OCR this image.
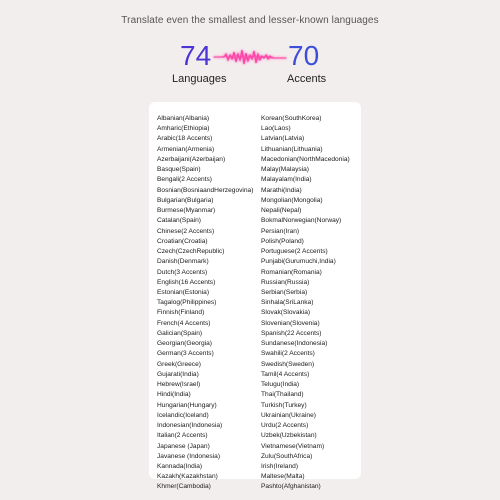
Translate even the smallest and lesser-known languages
74	70
Languages	Accents
Albanian(Albania)
Amharic(Ethiopia)
Arabic(18 Accents)
Armenian(Armenia)
Azerbaijani(Azerbaijan)
Basque(Spain)
Bengali(2 Accents)
Bosnian(BosniaandHerzegovina)
Bulgarian(Bulgaria)
Burmese(Myanmar)
Catalan(Spain)
Chinese(2 Accents)
Croatian(Croatia)
Czech(CzechRepublic)
Danish(Denmark)
Dutch(3 Accents)
English(16 Accents)
Estonian(Estonia)
Tagalog(Philippines)
Finnish(Finland)
French(4 Accents)
Galician(Spain)
Georgian(Georgia)
German(3 Accents)
Greek(Greece)
Gujarati(India)
Hebrew(Israel)
Hindi(India)
Hungarian(Hungary)
Icelandic(Iceland)
Indonesian(Indonesia)
Italian(2 Accents)
Japanese (Japan)
Javanese (Indonesia)
Kannada(India)
Kazakh(Kazakhstan)
Khmer(Cambodia)
Korean(SouthKorea)
Lao(Laos)
Latvian(Latvia)
Lithuanian(Lithuania)
Macedonian(NorthMacedonia)
Malay(Malaysia)
Malayalam(India)
Marathi(India)
Mongolian(Mongolia)
Nepali(Nepal)
BokmalNorwegian(Norway)
Persian(Iran)
Polish(Poland)
Portuguese(2 Accents)
Punjabi(Gurumuchi,India)
Romanian(Romania)
Russian(Russia)
Serbian(Serbia)
Sinhala(SriLanka)
Slovak(Slovakia)
Slovenian(Slovenia)
Spanish(22 Accents)
Sundanese(Indonesia)
Swahili(2 Accents)
Swedish(Sweden)
Tamil(4 Accents)
Telugu(India)
Thai(Thailand)
Turkish(Turkey)
Ukrainian(Ukraine)
Urdu(2 Accents)
Uzbek(Uzbekistan)
Vietnamese(Vietnam)
Zulu(SouthAfrica)
Irish(Ireland)
Maltese(Malta)
Pashto(Afghanistan)
